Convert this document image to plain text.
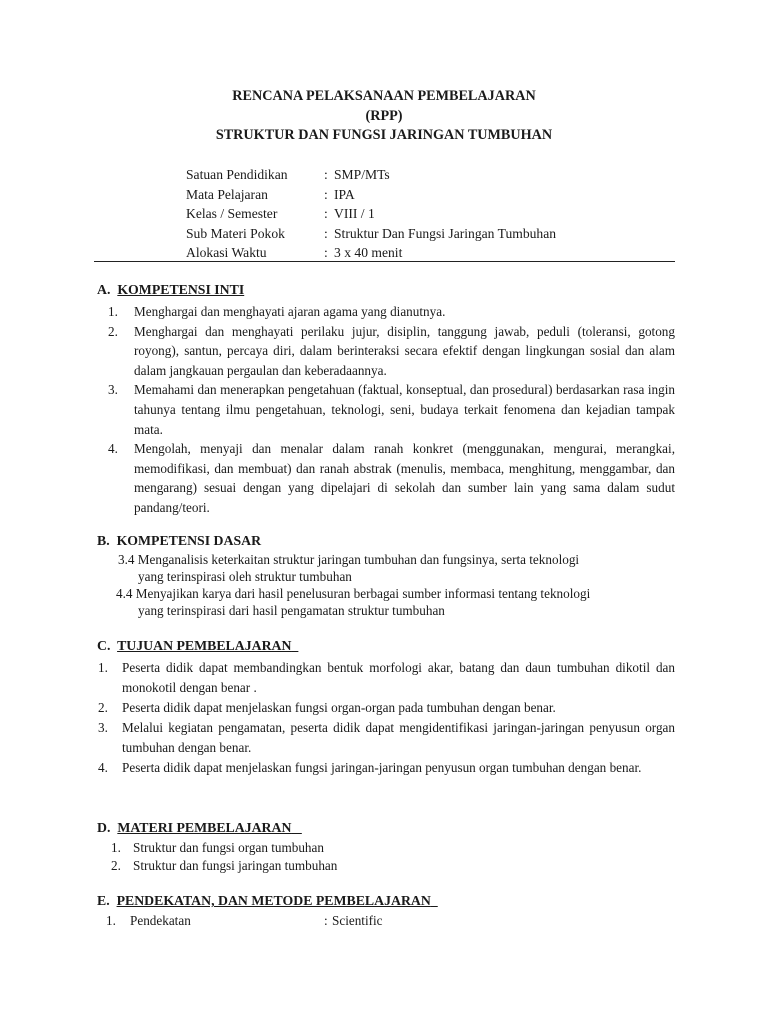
RENCANA PELAKSANAAN PEMBELAJARAN
(RPP)
STRUKTUR DAN FUNGSI JARINGAN TUMBUHAN
Satuan Pendidikan	: SMP/MTs
Mata Pelajaran	: IPA
Kelas / Semester	: VIII / 1
Sub Materi Pokok	: Struktur Dan Fungsi Jaringan Tumbuhan
Alokasi Waktu	: 3 x 40 menit
A. KOMPETENSI INTI
1. Menghargai dan menghayati ajaran agama yang dianutnya.
2. Menghargai dan menghayati perilaku jujur, disiplin, tanggung jawab, peduli (toleransi, gotong royong), santun, percaya diri, dalam berinteraksi secara efektif dengan lingkungan sosial dan alam dalam jangkauan pergaulan dan keberadaannya.
3. Memahami dan menerapkan pengetahuan (faktual, konseptual, dan prosedural) berdasarkan rasa ingin tahunya tentang ilmu pengetahuan, teknologi, seni, budaya terkait fenomena dan kejadian tampak mata.
4. Mengolah, menyaji dan menalar dalam ranah konkret (menggunakan, mengurai, merangkai, memodifikasi, dan membuat) dan ranah abstrak (menulis, membaca, menghitung, menggambar, dan mengarang) sesuai dengan yang dipelajari di sekolah dan sumber lain yang sama dalam sudut pandang/teori.
B. KOMPETENSI DASAR
3.4 Menganalisis keterkaitan struktur jaringan tumbuhan dan fungsinya, serta teknologi
yang terinspirasi oleh struktur tumbuhan
4.4 Menyajikan karya dari hasil penelusuran berbagai sumber informasi tentang teknologi
yang terinspirasi dari hasil pengamatan struktur tumbuhan
C. TUJUAN PEMBELAJARAN
1. Peserta didik dapat membandingkan bentuk morfologi akar, batang dan daun tumbuhan dikotil dan monokotil dengan benar .
2. Peserta didik dapat menjelaskan fungsi organ-organ pada tumbuhan dengan benar.
3. Melalui kegiatan pengamatan, peserta didik dapat mengidentifikasi jaringan-jaringan penyusun organ tumbuhan dengan benar.
4. Peserta didik dapat menjelaskan fungsi jaringan-jaringan penyusun organ tumbuhan dengan benar.
D. MATERI PEMBELAJARAN
1. Struktur dan fungsi organ tumbuhan
2. Struktur dan fungsi jaringan tumbuhan
E. PENDEKATAN, DAN METODE PEMBELAJARAN
1. Pendekatan	: Scientific
